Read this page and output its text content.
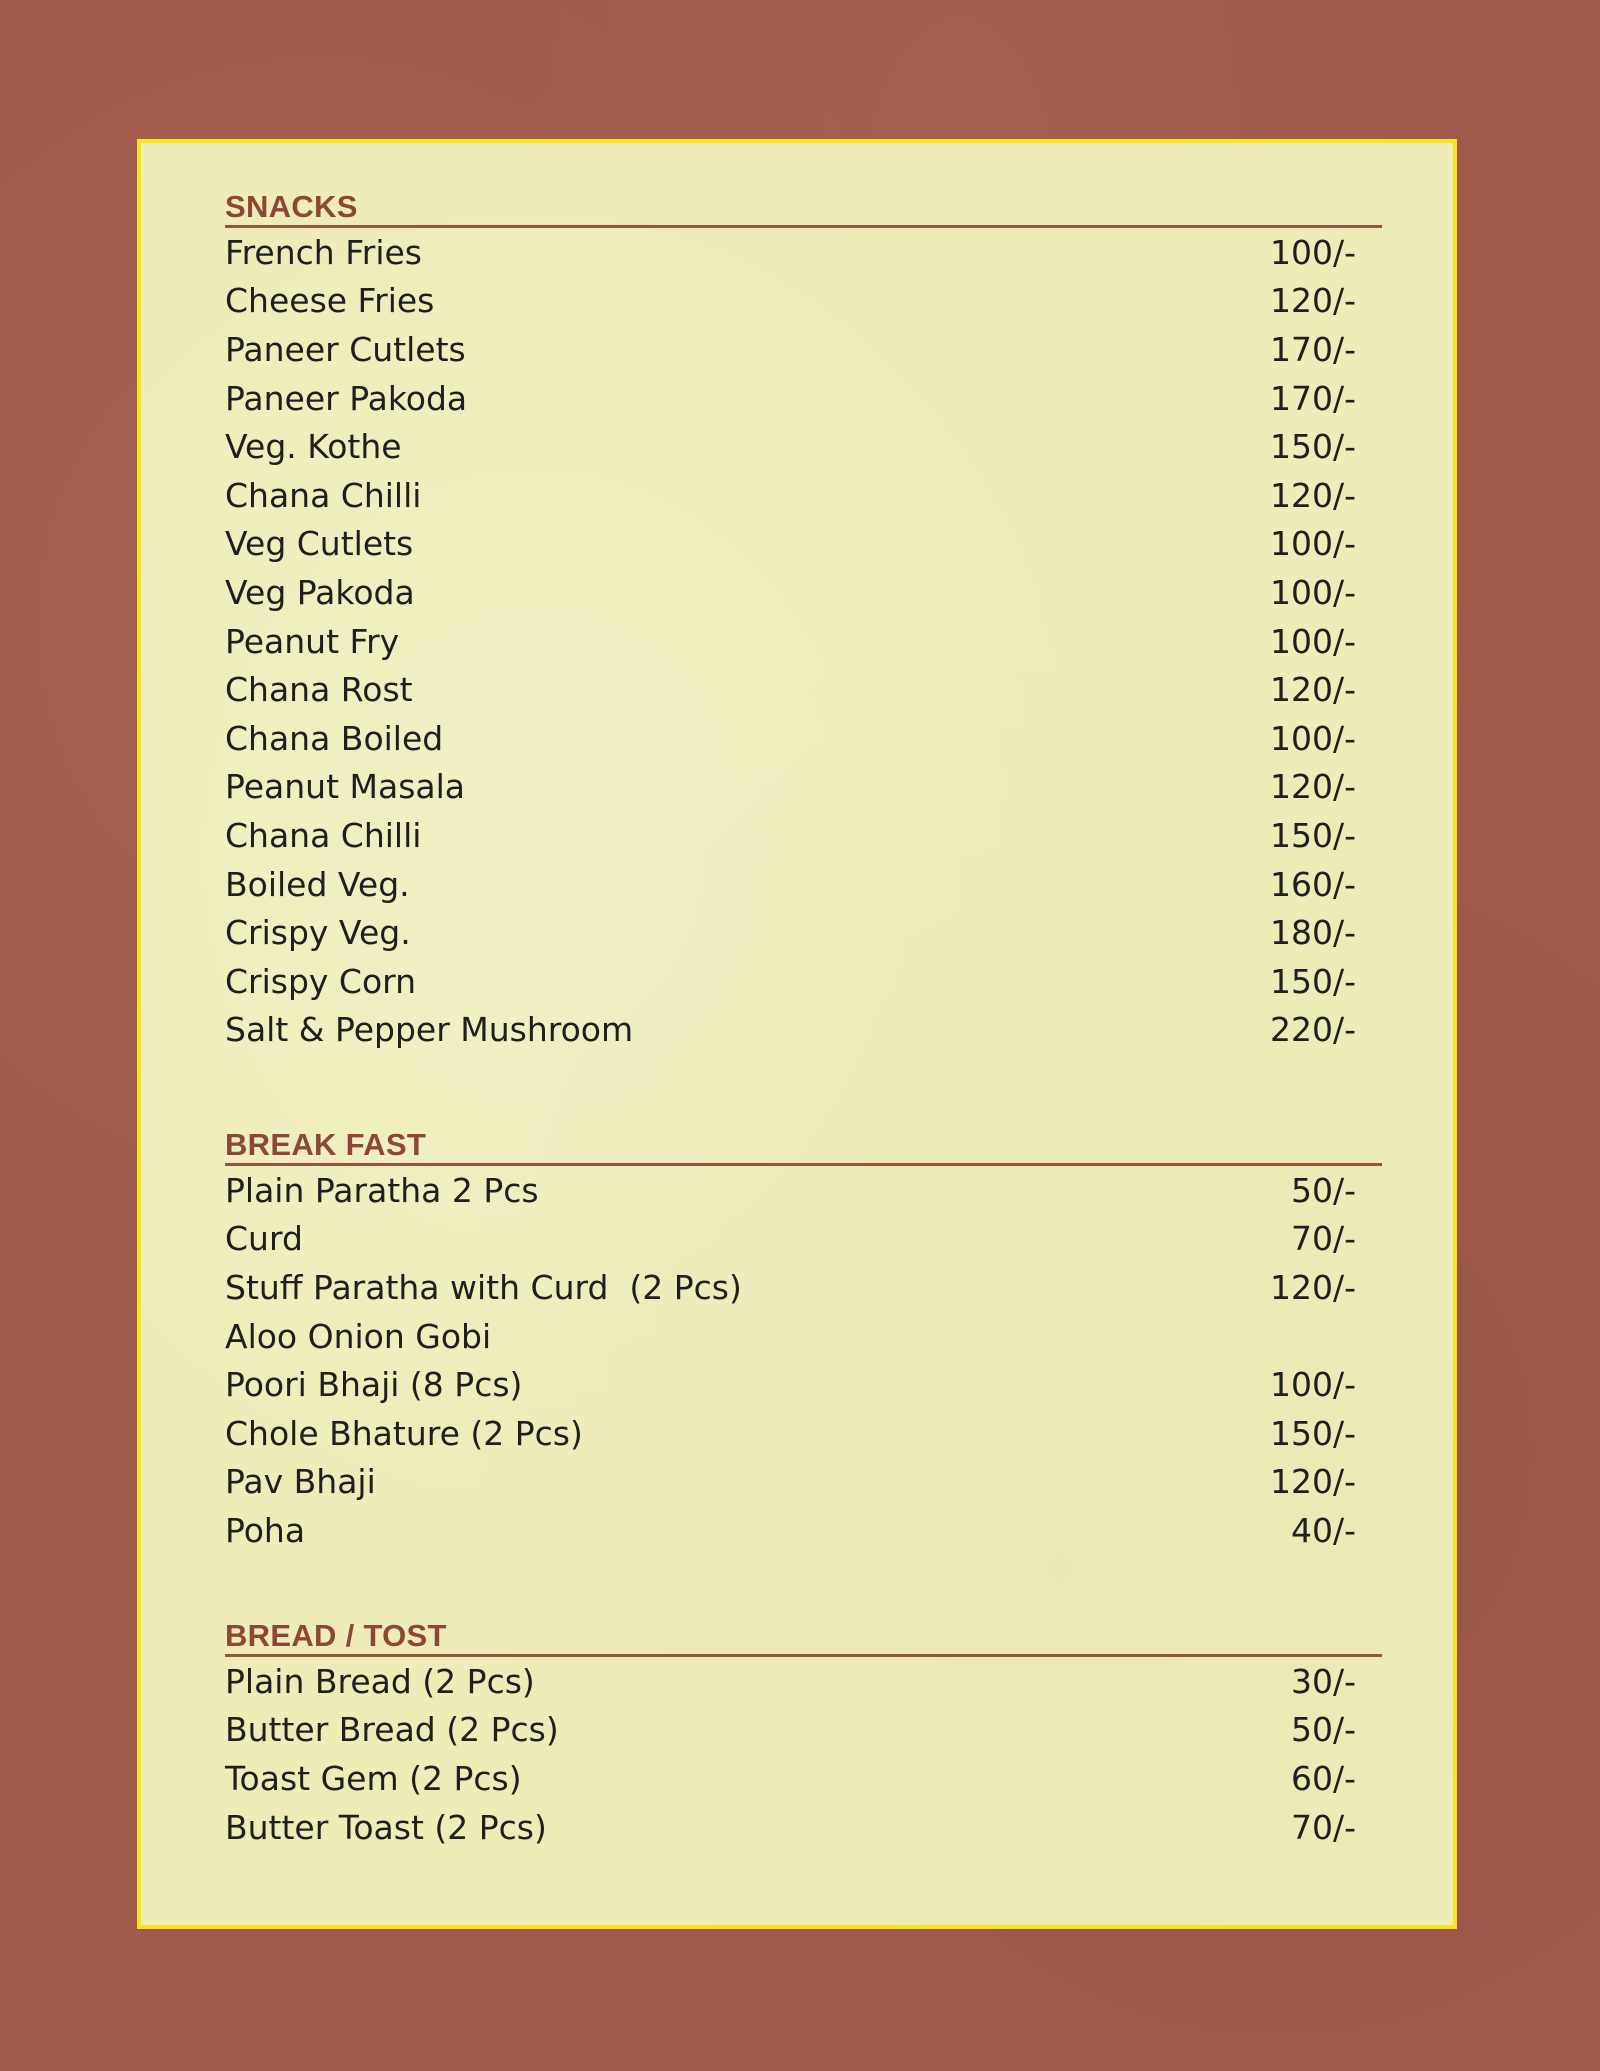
SNACKS
French Fries	100/-
Cheese Fries	120/-
Paneer Cutlets	170/-
Paneer Pakoda	170/-
Veg. Kothe	150/-
Chana Chilli	120/-
Veg Cutlets	100/-
Veg Pakoda	100/-
Peanut Fry	100/-
Chana Rost	120/-
Chana Boiled	100/-
Peanut Masala	120/-
Chana Chilli	150/-
Boiled Veg.	160/-
Crispy Veg.	180/-
Crispy Corn	150/-
Salt & Pepper Mushroom	220/-
BREAK FAST
Plain Paratha 2 Pcs	50/-
Curd	70/-
Stuff Paratha with Curd  (2 Pcs)	120/-
Aloo Onion Gobi
Poori Bhaji (8 Pcs)	100/-
Chole Bhature (2 Pcs)	150/-
Pav Bhaji	120/-
Poha	40/-
BREAD / TOST
Plain Bread (2 Pcs)	30/-
Butter Bread (2 Pcs)	50/-
Toast Gem (2 Pcs)	60/-
Butter Toast (2 Pcs)	70/-
